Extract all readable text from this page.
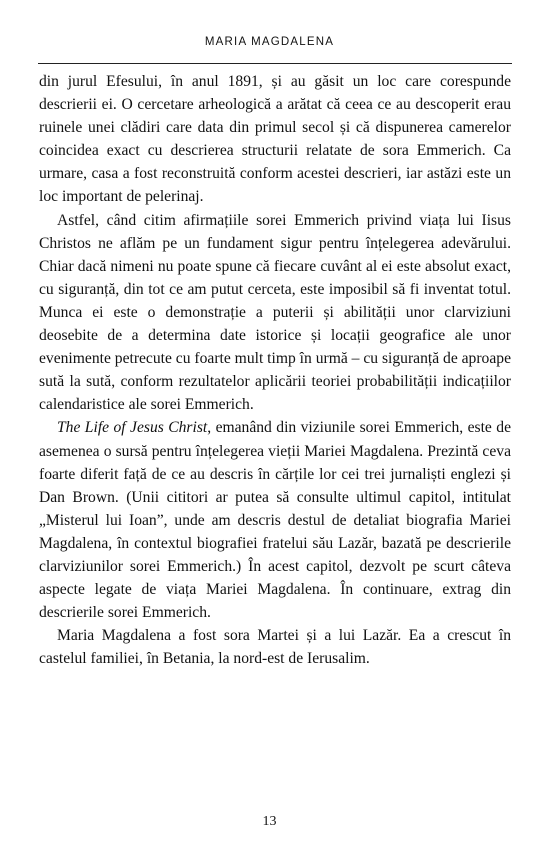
MARIA MAGDALENA

din jurul Efesului, în anul 1891, și au găsit un loc care corespunde descrierii ei. O cercetare arheologică a arătat că ceea ce au descoperit erau ruinele unei clădiri care data din primul secol și că dispunerea camerelor coincidea exact cu descrierea structurii relatate de sora Emmerich. Ca urmare, casa a fost reconstruită conform acestei descrieri, iar astăzi este un loc important de pelerinaj.

Astfel, când citim afirmațiile sorei Emmerich privind viața lui Iisus Christos ne aflăm pe un fundament sigur pentru înțelegerea adevărului. Chiar dacă nimeni nu poate spune că fiecare cuvânt al ei este absolut exact, cu siguranță, din tot ce am putut cerceta, este imposibil să fi inventat totul. Munca ei este o demonstrație a puterii și abilității unor clarviziuni deosebite de a determina date istorice și locații geografice ale unor evenimente petrecute cu foarte mult timp în urmă – cu siguranță de aproape sută la sută, conform rezultatelor aplicării teoriei probabilității indicațiilor calendaristice ale sorei Emmerich.

The Life of Jesus Christ, emanând din viziunile sorei Emmerich, este de asemenea o sursă pentru înțelegerea vieții Mariei Magdalena. Prezintă ceva foarte diferit față de ce au descris în cărțile lor cei trei jurnaliști englezi și Dan Brown. (Unii cititori ar putea să consulte ultimul capitol, intitulat „Misterul lui Ioan”, unde am descris destul de detaliat biografia Mariei Magdalena, în contextul biografiei fratelui său Lazăr, bazată pe descrierile clarviziunilor sorei Emmerich.) În acest capitol, dezvolt pe scurt câteva aspecte legate de viața Mariei Magdalena. În continuare, extrag din descrierile sorei Emmerich.

Maria Magdalena a fost sora Martei și a lui Lazăr. Ea a crescut în castelul familiei, în Betania, la nord-est de Ierusalim.

13
